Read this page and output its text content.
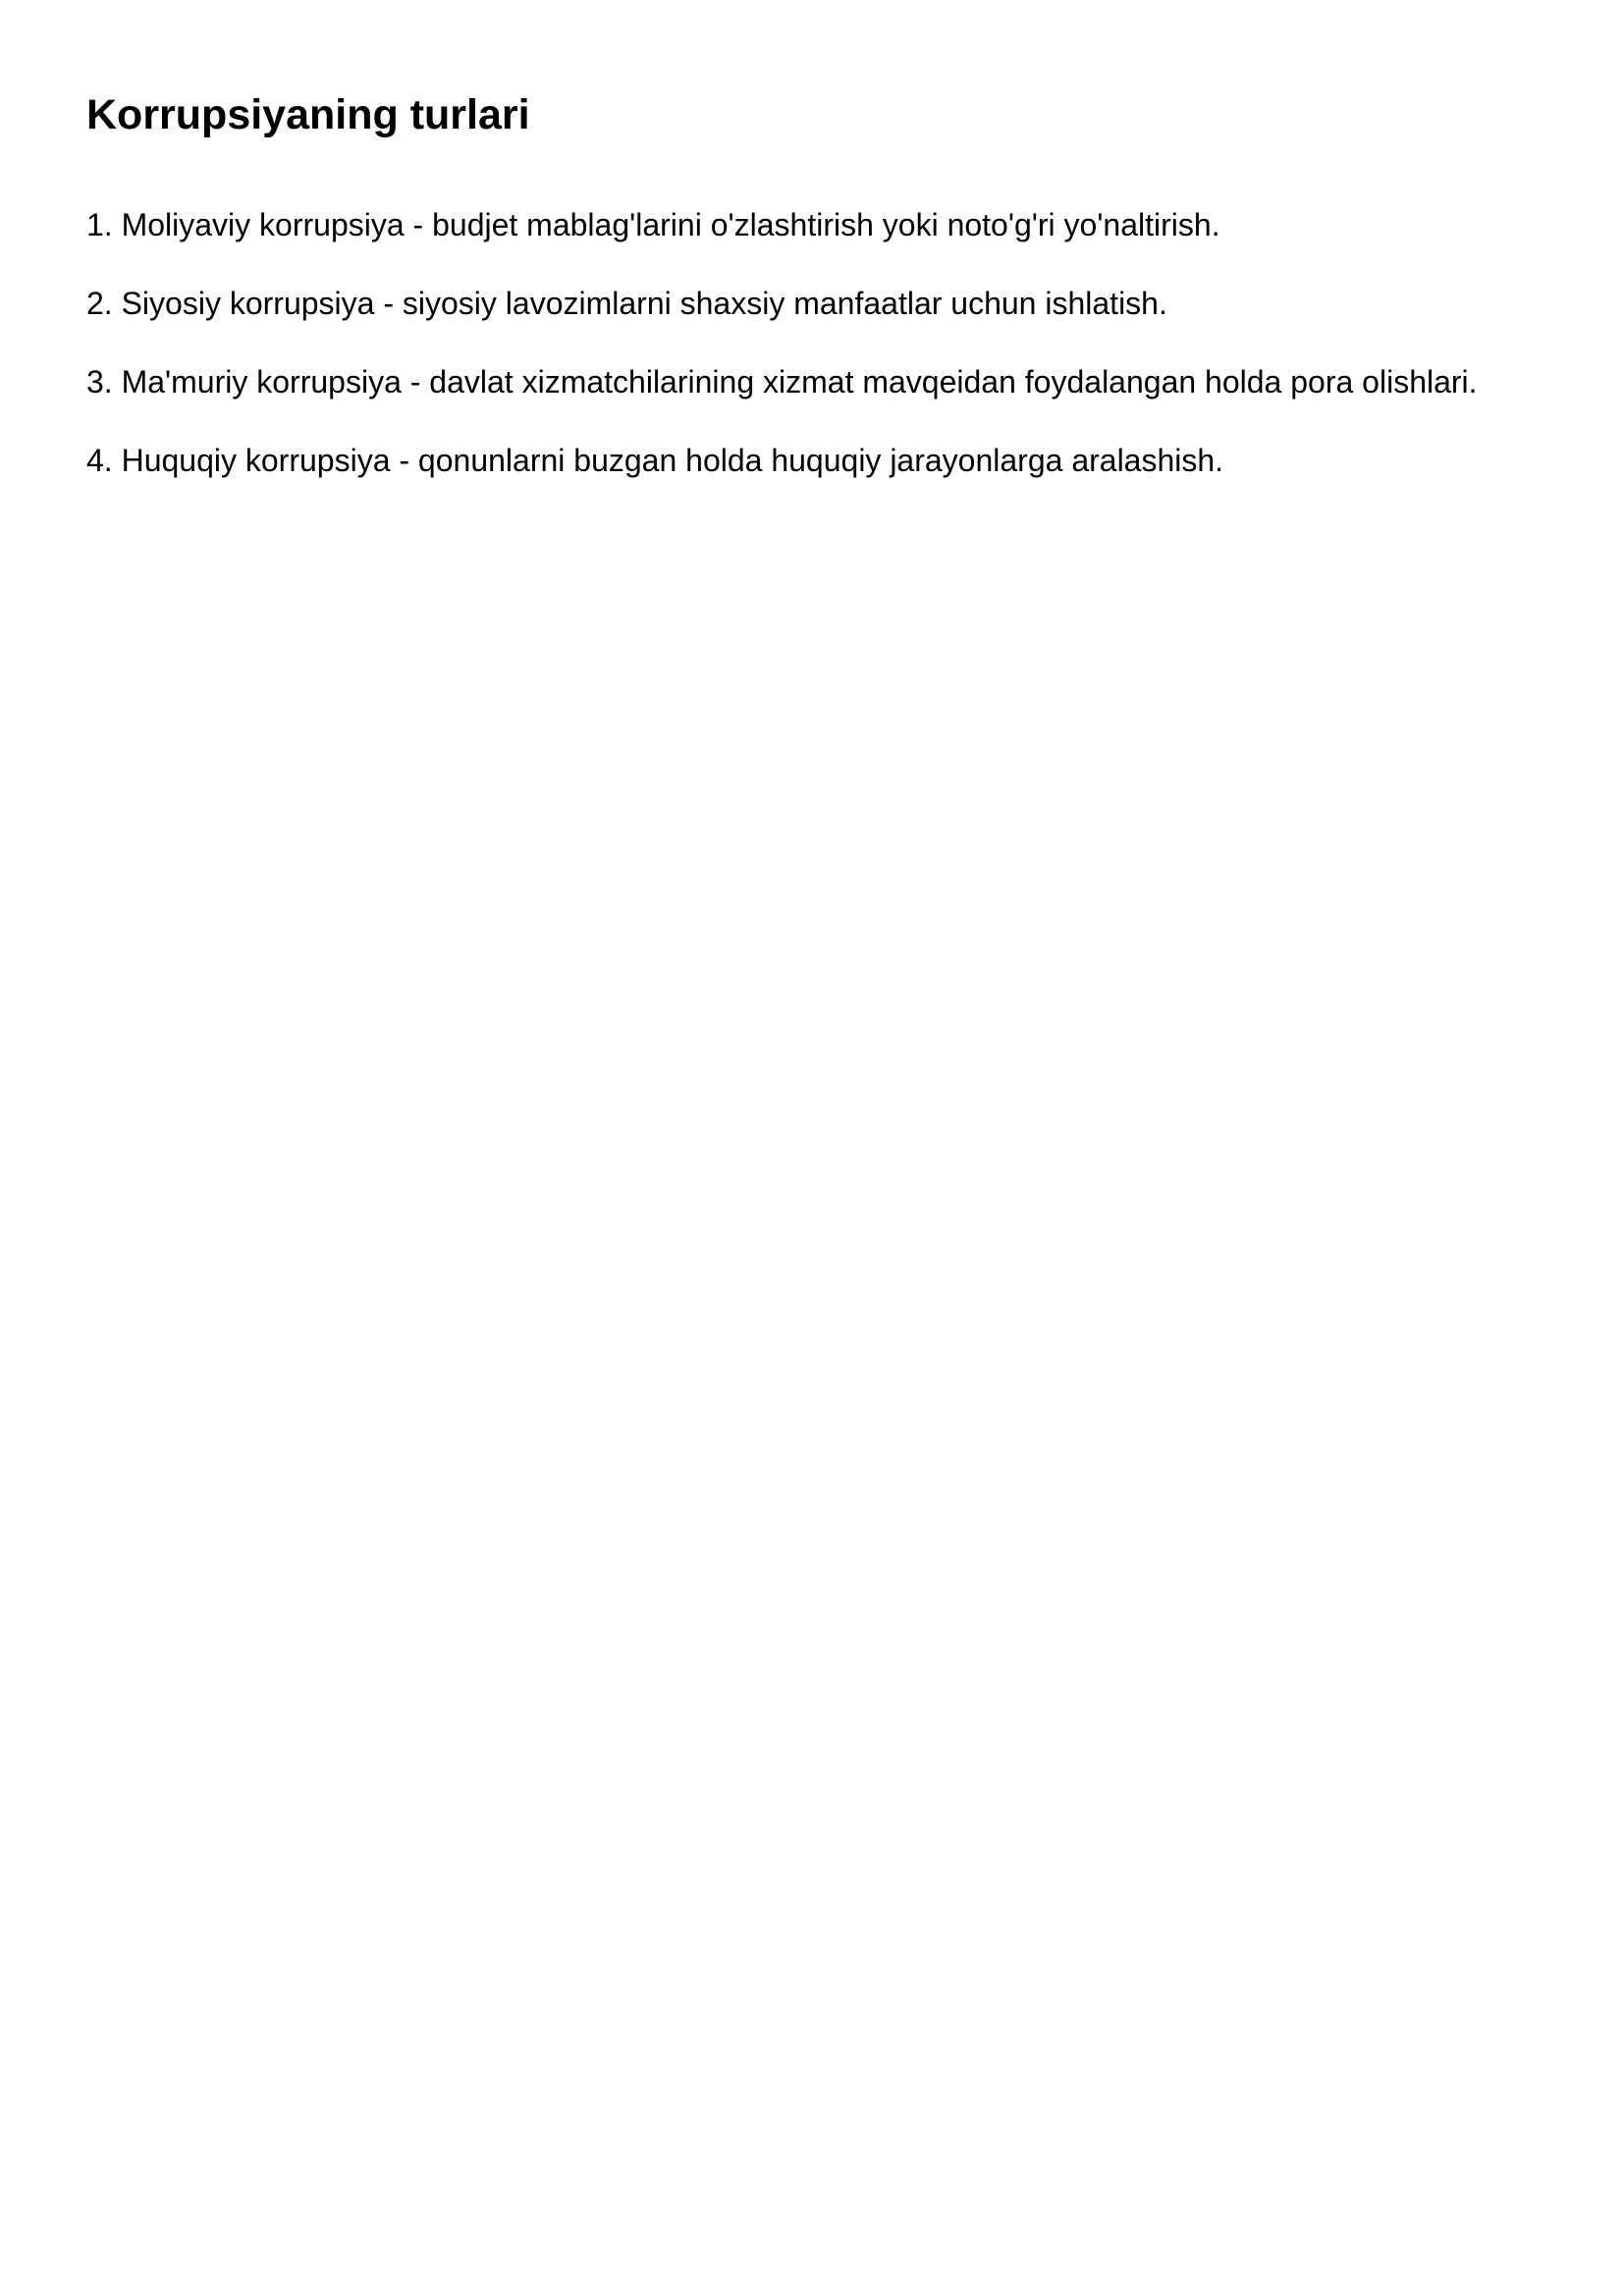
Korrupsiyaning turlari

1. Moliyaviy korrupsiya - budjet mablag'larini o'zlashtirish yoki noto'g'ri yo'naltirish.

2. Siyosiy korrupsiya - siyosiy lavozimlarni shaxsiy manfaatlar uchun ishlatish.

3. Ma'muriy korrupsiya - davlat xizmatchilarining xizmat mavqeidan foydalangan holda pora olishlari.

4. Huquqiy korrupsiya - qonunlarni buzgan holda huquqiy jarayonlarga aralashish.
